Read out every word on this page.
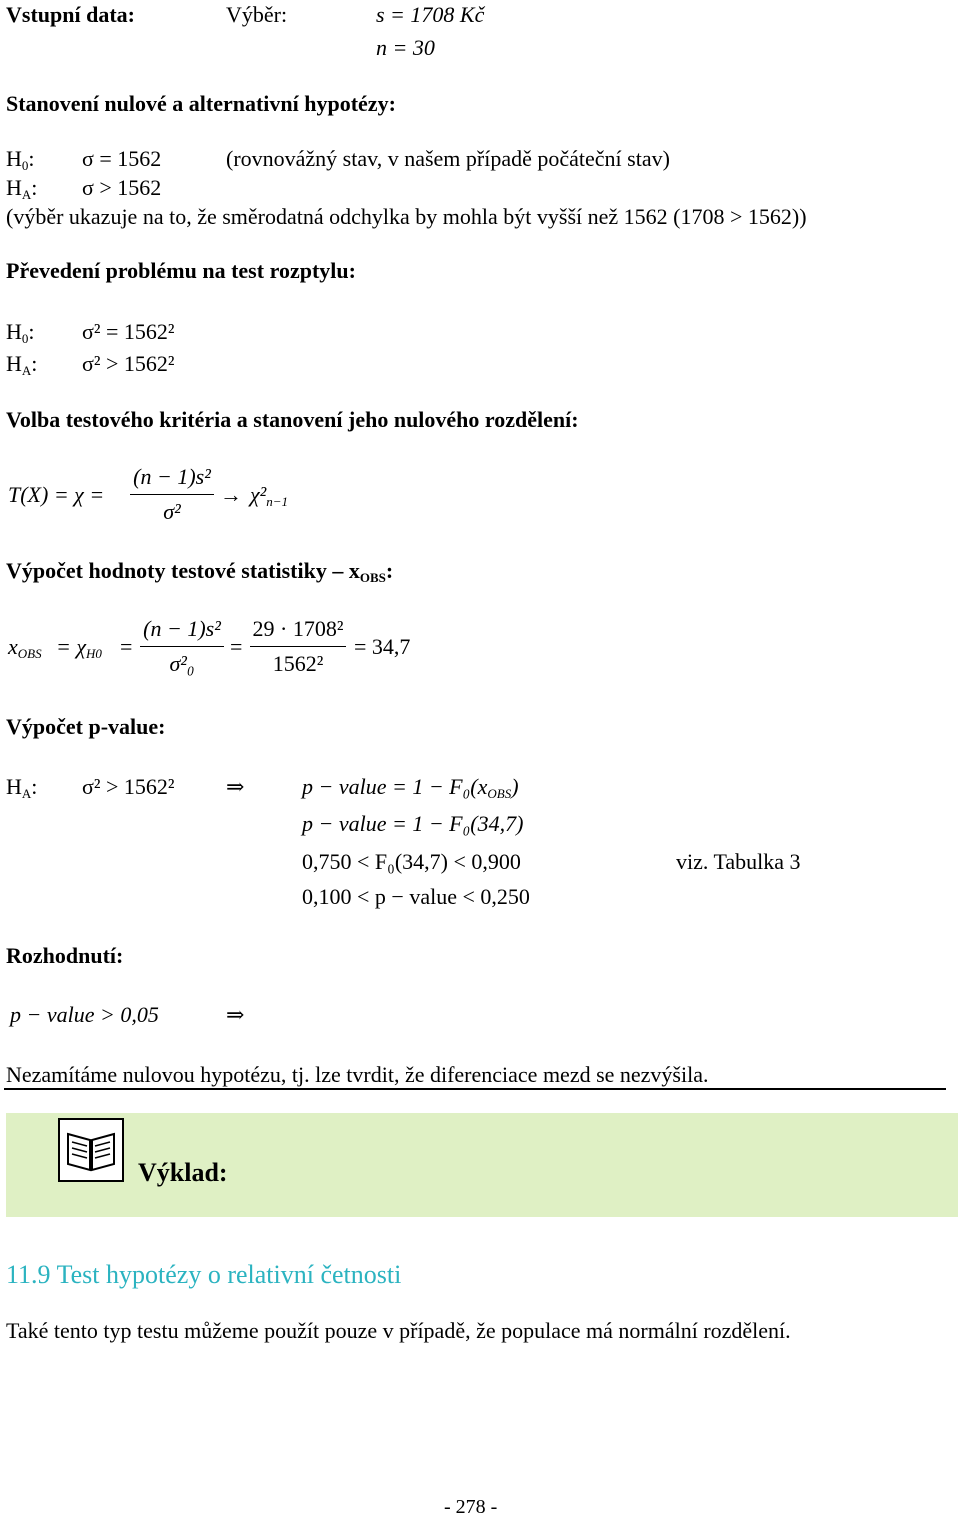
Vstupní data:	Výběr:	s = 1708 Kč
n = 30
Stanovení nulové a alternativní hypotézy:
$H_0$: σ = 1562	(rovnovážný stav, v našem případě počáteční stav)
$H_A$: σ > 1562
(výběr ukazuje na to, že směrodatná odchylka by mohla být vyšší než 1562 (1708 > 1562))
Převedení problému na test rozptylu:
$H_0$: σ² = 1562²
$H_A$: σ² > 1562²
Volba testového kritéria a stanovení jeho nulového rozdělení:
T(X) = χ =
(n − 1)s²
σ²
→ $\chi^2_{n-1}$
Výpočet hodnoty testové statistiky – $x_{OBS}$:
$x_{OBS} = \chi_{H0}$ =
(n − 1)s²
σ²₀
=
29 · 1708²
1562²
= 34,7
Výpočet p-value:
$H_A$: σ² > 1562² ⇒	p − value = $1 - F_0(x_{OBS})$
p − value = 1 − F₀(34,7)
0,750 < F₀(34,7) < 0,900	viz. Tabulka 3
0,100 < p − value < 0,250
Rozhodnutí:
p − value > 0,05	⇒
Nezamítáme nulovou hypotézu, tj. lze tvrdit, že diferenciace mezd se nezvýšila.
Výklad:
11.9 Test hypotézy o relativní četnosti
Také tento typ testu můžeme použít pouze v případě, že populace má normální rozdělení.
- 278 -
